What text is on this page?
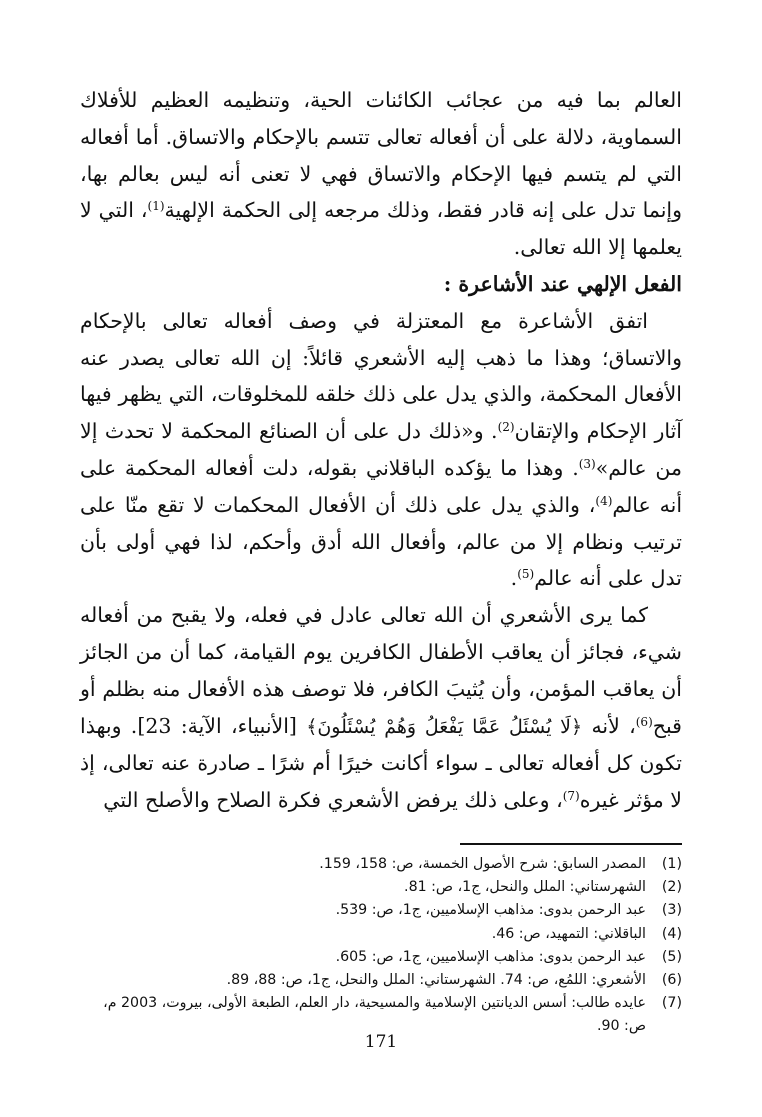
العالم بما فيه من عجائب الكائنات الحية، وتنظيمه العظيم للأفلاك السماوية، دلالة على أن أفعاله تعالى تتسم بالإحكام والاتساق. أما أفعاله التي لم يتسم فيها الإحكام والاتساق فهي لا تعنى أنه ليس بعالم بها، وإنما تدل على إنه قادر فقط، وذلك مرجعه إلى الحكمة الإلهية$^{(1)}$، التي لا يعلمها إلا الله تعالى.

الفعل الإلهي عند الأشاعرة :

اتفق الأشاعرة مع المعتزلة في وصف أفعاله تعالى بالإحكام والاتساق؛ وهذا ما ذهب إليه الأشعري قائلاً: إن الله تعالى يصدر عنه الأفعال المحكمة، والذي يدل على ذلك خلقه للمخلوقات، التي يظهر فيها آثار الإحكام والإتقان$^{(2)}$. و«ذلك دل على أن الصنائع المحكمة لا تحدث إلا من عالم»$^{(3)}$. وهذا ما يؤكده الباقلاني بقوله، دلت أفعاله المحكمة على أنه عالم$^{(4)}$، والذي يدل على ذلك أن الأفعال المحكمات لا تقع منّا على ترتيب ونظام إلا من عالم، وأفعال الله أدق وأحكم، لذا فهي أولى بأن تدل على أنه عالم$^{(5)}$.

كما يرى الأشعري أن الله تعالى عادل في فعله، ولا يقبح من أفعاله شيء، فجائز أن يعاقب الأطفال الكافرين يوم القيامة، كما أن من الجائز أن يعاقب المؤمن، وأن يُثيبَ الكافر، فلا توصف هذه الأفعال منه بظلم أو قبح$^{(6)}$، لأنه ﴿لَا يُسْئَلُ عَمَّا يَفْعَلُ وَهُمْ يُسْئَلُونَ﴾ [الأنبياء، الآية: 23]. وبهذا تكون كل أفعاله تعالى ـ سواء أكانت خيرًا أم شرًا ـ صادرة عنه تعالى، إذ لا مؤثر غيره$^{(7)}$، وعلى ذلك يرفض الأشعري فكرة الصلاح والأصلح التي

(1)
المصدر السابق: شرح الأصول الخمسة، ص: 158، 159.
(2)
الشهرستاني: الملل والنحل، ج1، ص: 81.
(3)
عبد الرحمن بدوى: مذاهب الإسلاميين، ج1، ص: 539.
(4)
الباقلاني: التمهيد، ص: 46.
(5)
عبد الرحمن بدوى: مذاهب الإسلاميين، ج1، ص: 605.
(6)
الأشعري: اللمُع، ص: 74. الشهرستاني: الملل والنحل، ج1، ص: 88، 89.
(7)
عايده طالب: أسس الديانتين الإسلامية والمسيحية، دار العلم، الطبعة الأولى، بيروت، 2003 م، ص: 90.
171
